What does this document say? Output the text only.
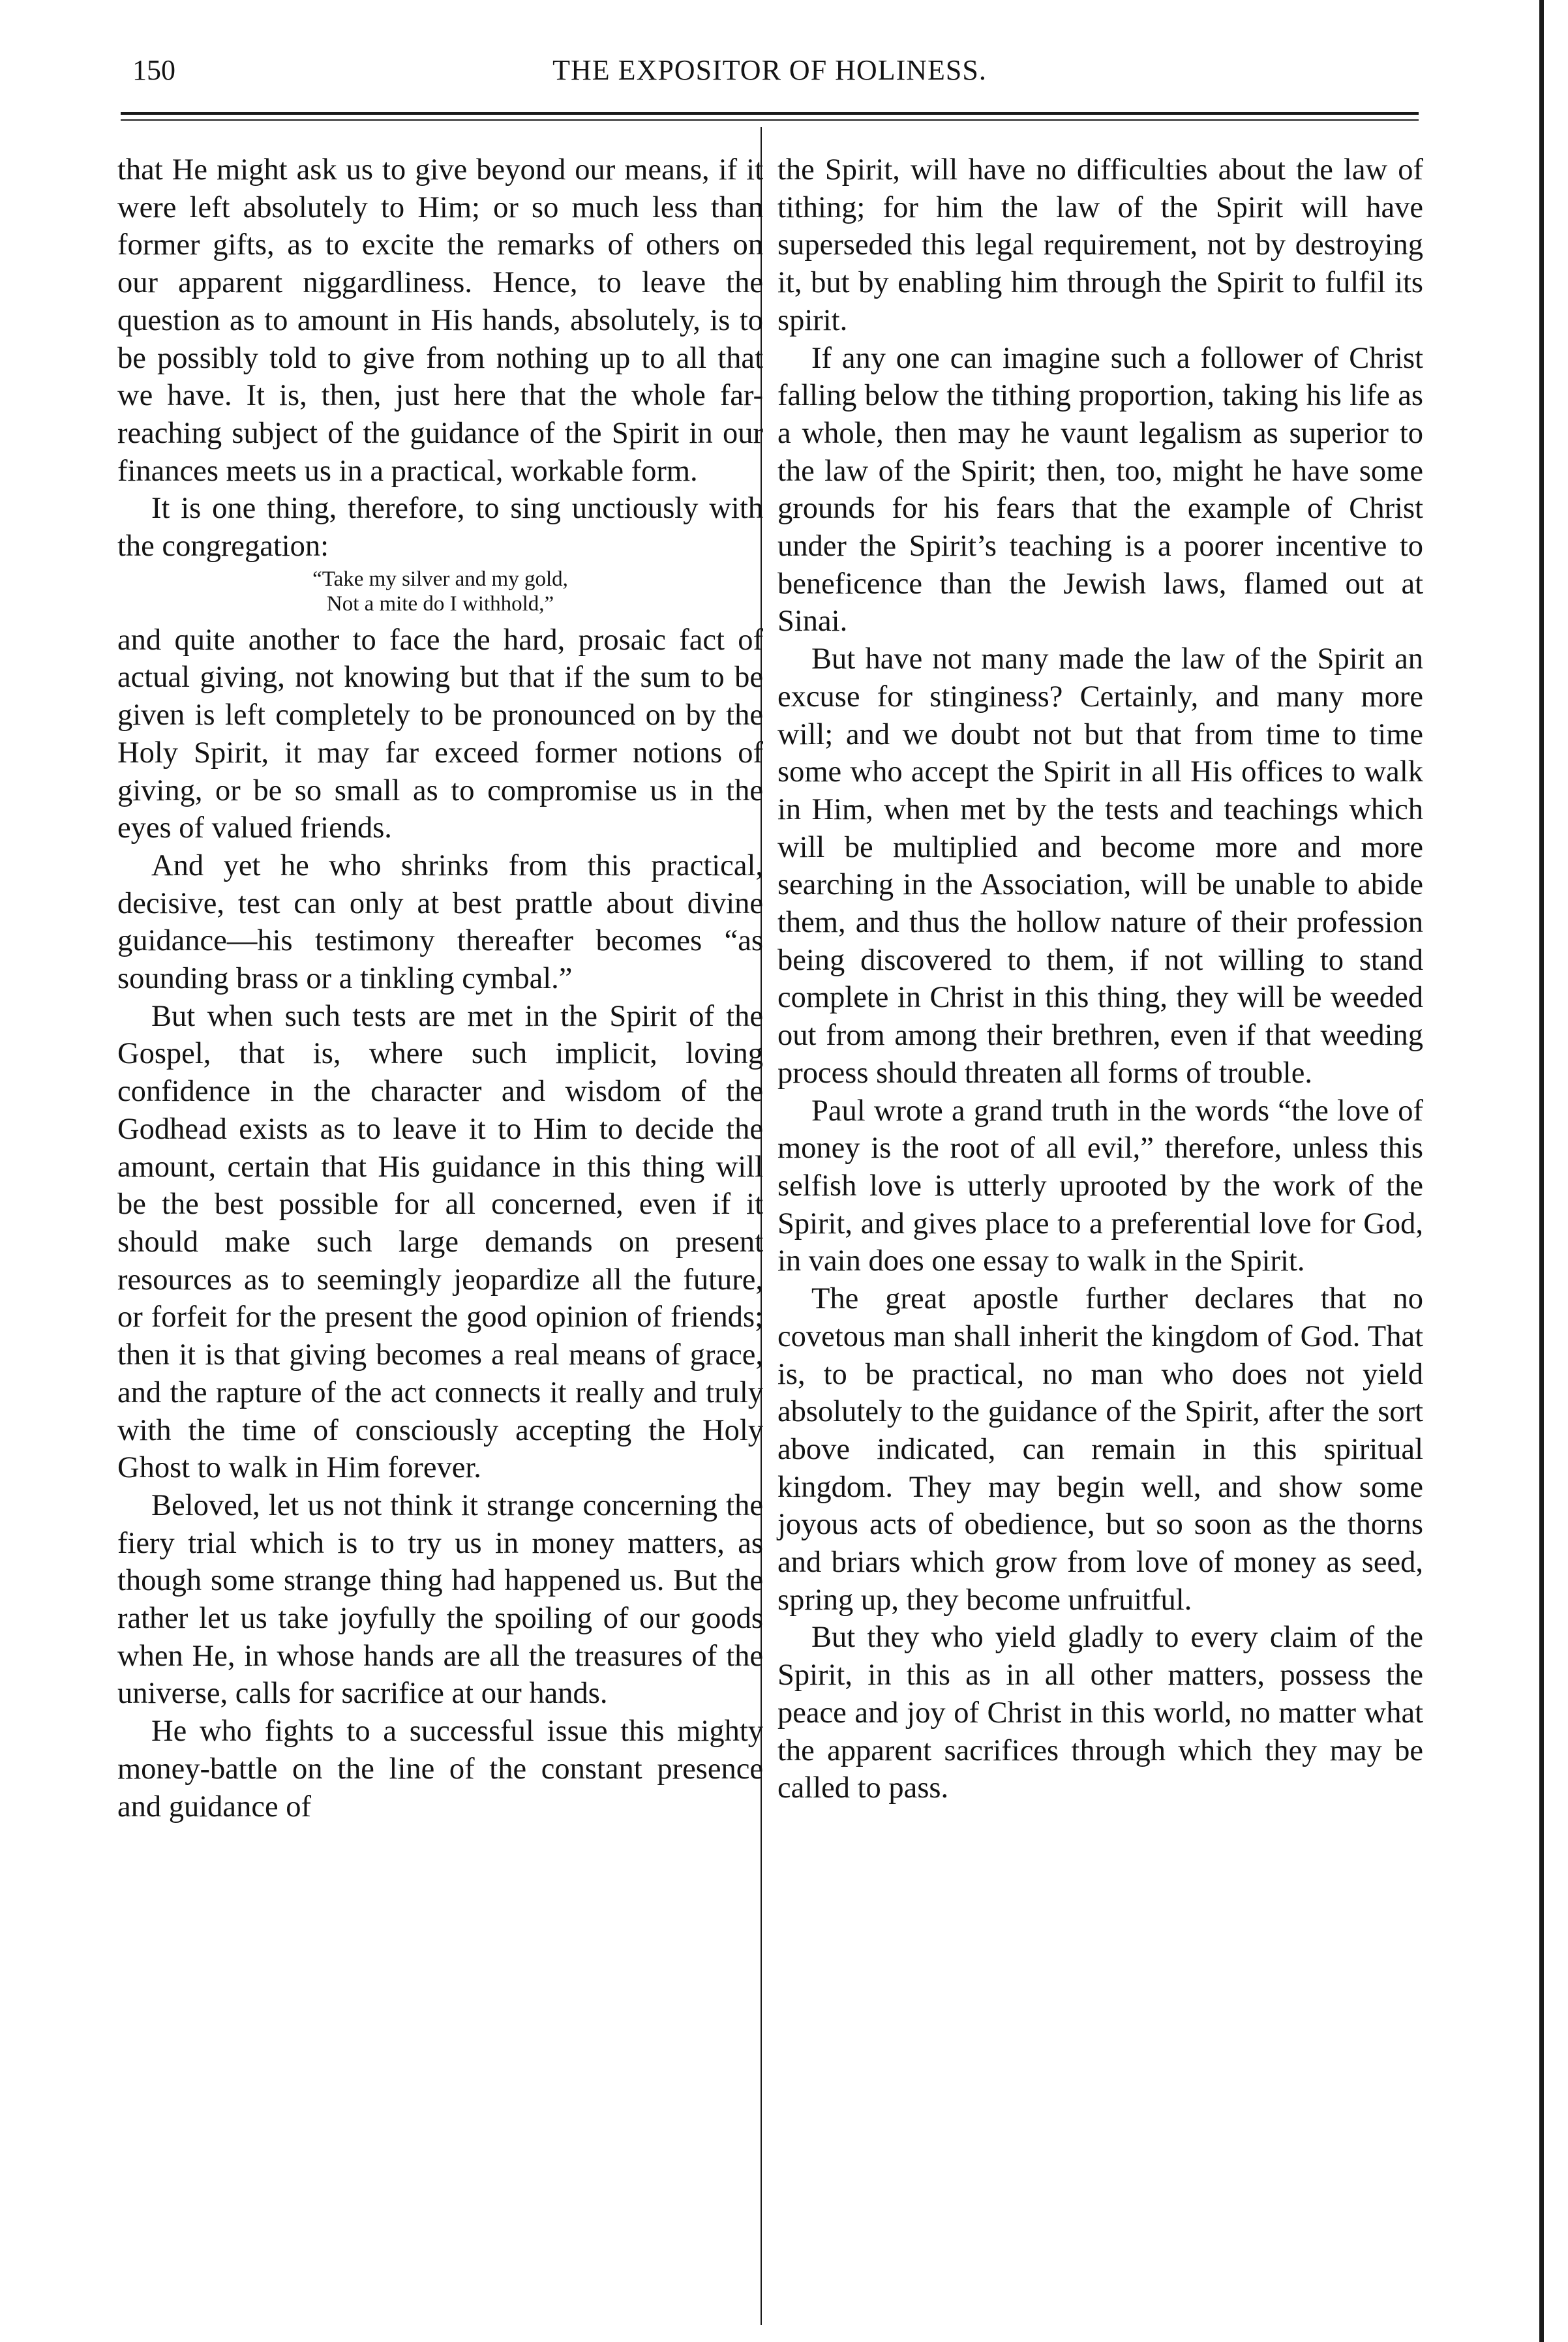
150	THE EXPOSITOR OF HOLINESS.

that He might ask us to give beyond our means, if it were left absolutely to Him; or so much less than former gifts, as to excite the remarks of others on our apparent niggardliness. Hence, to leave the question as to amount in His hands, absolutely, is to be possibly told to give from nothing up to all that we have. It is, then, just here that the whole far-reaching subject of the guidance of the Spirit in our finances meets us in a practical, workable form.

It is one thing, therefore, to sing unctiously with the congregation:

“Take my silver and my gold,
Not a mite do I withhold,”

and quite another to face the hard, prosaic fact of actual giving, not knowing but that if the sum to be given is left completely to be pronounced on by the Holy Spirit, it may far exceed former notions of giving, or be so small as to compromise us in the eyes of valued friends.

And yet he who shrinks from this practical, decisive, test can only at best prattle about divine guidance—his testimony thereafter becomes “as sounding brass or a tinkling cymbal.”

But when such tests are met in the Spirit of the Gospel, that is, where such implicit, loving confidence in the character and wisdom of the Godhead exists as to leave it to Him to decide the amount, certain that His guidance in this thing will be the best possible for all concerned, even if it should make such large demands on present resources as to seemingly jeopardize all the future, or forfeit for the present the good opinion of friends; then it is that giving becomes a real means of grace, and the rapture of the act connects it really and truly with the time of consciously accepting the Holy Ghost to walk in Him forever.

Beloved, let us not think it strange concerning the fiery trial which is to try us in money matters, as though some strange thing had happened us. But the rather let us take joyfully the spoiling of our goods when He, in whose hands are all the treasures of the universe, calls for sacrifice at our hands.

He who fights to a successful issue this mighty money-battle on the line of the constant presence and guidance of

the Spirit, will have no difficulties about the law of tithing; for him the law of the Spirit will have superseded this legal requirement, not by destroying it, but by enabling him through the Spirit to fulfil its spirit.

If any one can imagine such a follower of Christ falling below the tithing proportion, taking his life as a whole, then may he vaunt legalism as superior to the law of the Spirit; then, too, might he have some grounds for his fears that the example of Christ under the Spirit’s teaching is a poorer incentive to beneficence than the Jewish laws, flamed out at Sinai.

But have not many made the law of the Spirit an excuse for stinginess? Certainly, and many more will; and we doubt not but that from time to time some who accept the Spirit in all His offices to walk in Him, when met by the tests and teachings which will be multiplied and become more and more searching in the Association, will be unable to abide them, and thus the hollow nature of their profession being discovered to them, if not willing to stand complete in Christ in this thing, they will be weeded out from among their brethren, even if that weeding process should threaten all forms of trouble.

Paul wrote a grand truth in the words “the love of money is the root of all evil,” therefore, unless this selfish love is utterly uprooted by the work of the Spirit, and gives place to a preferential love for God, in vain does one essay to walk in the Spirit.

The great apostle further declares that no covetous man shall inherit the kingdom of God. That is, to be practical, no man who does not yield absolutely to the guidance of the Spirit, after the sort above indicated, can remain in this spiritual kingdom. They may begin well, and show some joyous acts of obedience, but so soon as the thorns and briars which grow from love of money as seed, spring up, they become unfruitful.

But they who yield gladly to every claim of the Spirit, in this as in all other matters, possess the peace and joy of Christ in this world, no matter what the apparent sacrifices through which they may be called to pass.
